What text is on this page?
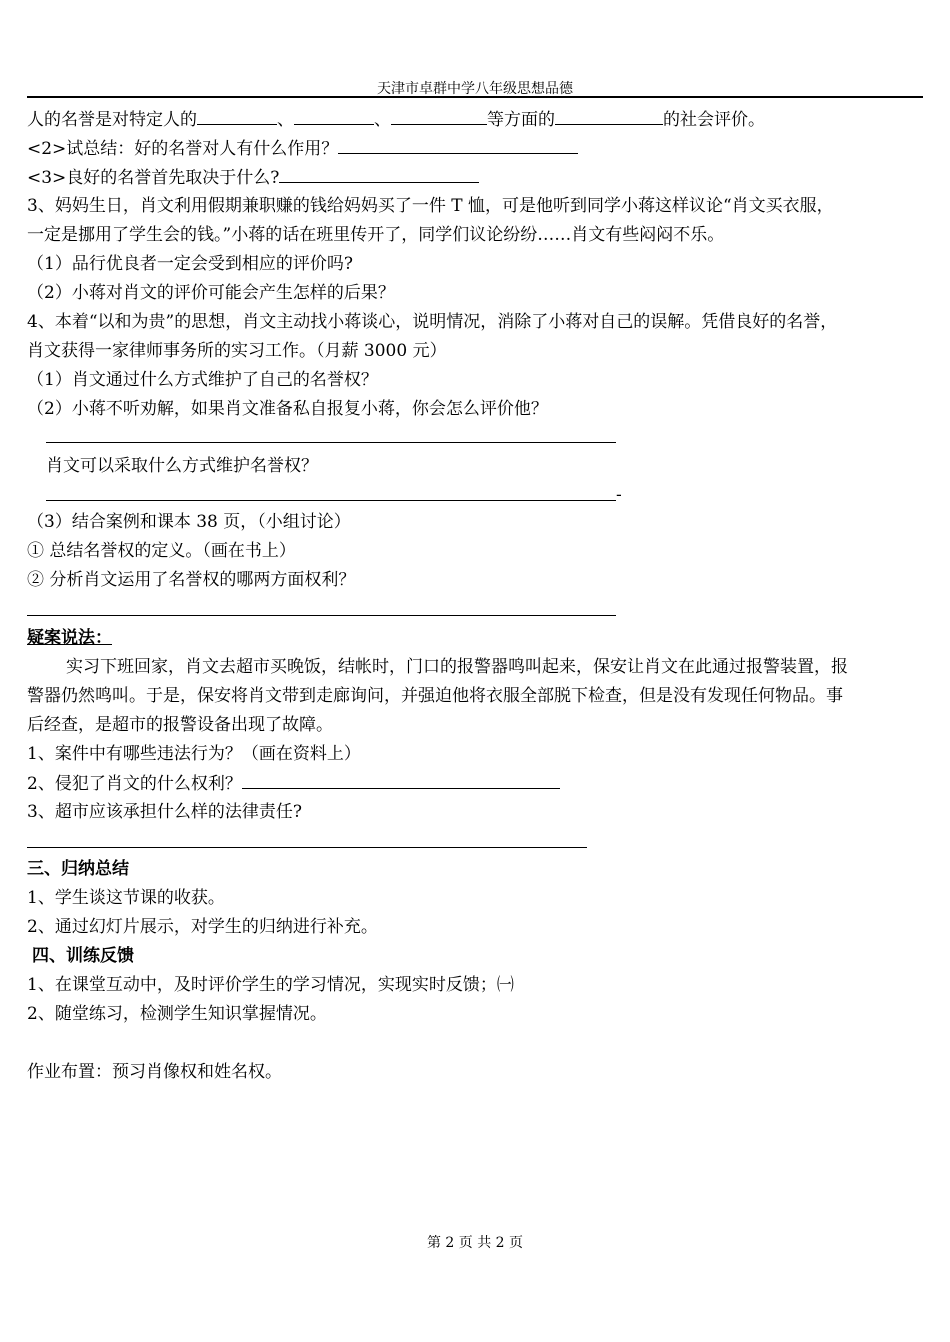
天津市卓群中学八年级思想品德
人的名誉是对特定人的	、	、	等方面的	的社会评价。
<2>试总结：好的名誉对人有什么作用？
<3>良好的名誉首先取决于什么?
3、妈妈生日，肖文利用假期兼职赚的钱给妈妈买了一件 T 恤，可是他听到同学小蒋这样议论“肖文买衣服，
一定是挪用了学生会的钱。”小蒋的话在班里传开了，同学们议论纷纷……肖文有些闷闷不乐。
（1）品行优良者一定会受到相应的评价吗?
（2）小蒋对肖文的评价可能会产生怎样的后果？
4、本着“以和为贵”的思想，肖文主动找小蒋谈心，说明情况，消除了小蒋对自己的误解。凭借良好的名誉，
肖文获得一家律师事务所的实习工作。（月薪 3000 元）
（1）肖文通过什么方式维护了自己的名誉权？
（2）小蒋不听劝解，如果肖文准备私自报复小蒋，你会怎么评价他？
肖文可以采取什么方式维护名誉权？
-
（3）结合案例和课本 38 页，（小组讨论）
① 总结名誉权的定义。（画在书上）
② 分析肖文运用了名誉权的哪两方面权利？
疑案说法：
实习下班回家，肖文去超市买晚饭，结帐时，门口的报警器鸣叫起来，保安让肖文在此通过报警装置，报
警器仍然鸣叫。于是，保安将肖文带到走廊询问，并强迫他将衣服全部脱下检查，但是没有发现任何物品。事
后经查，是超市的报警设备出现了故障。
1、案件中有哪些违法行为？（画在资料上）
2、侵犯了肖文的什么权利？
3、超市应该承担什么样的法律责任?
三、归纳总结
1、学生谈这节课的收获。
2、通过幻灯片展示，对学生的归纳进行补充。
四、训练反馈
1、在课堂互动中，及时评价学生的学习情况，实现实时反馈；㈠
2、随堂练习，检测学生知识掌握情况。
作业布置：预习肖像权和姓名权。
第 2 页 共 2 页
